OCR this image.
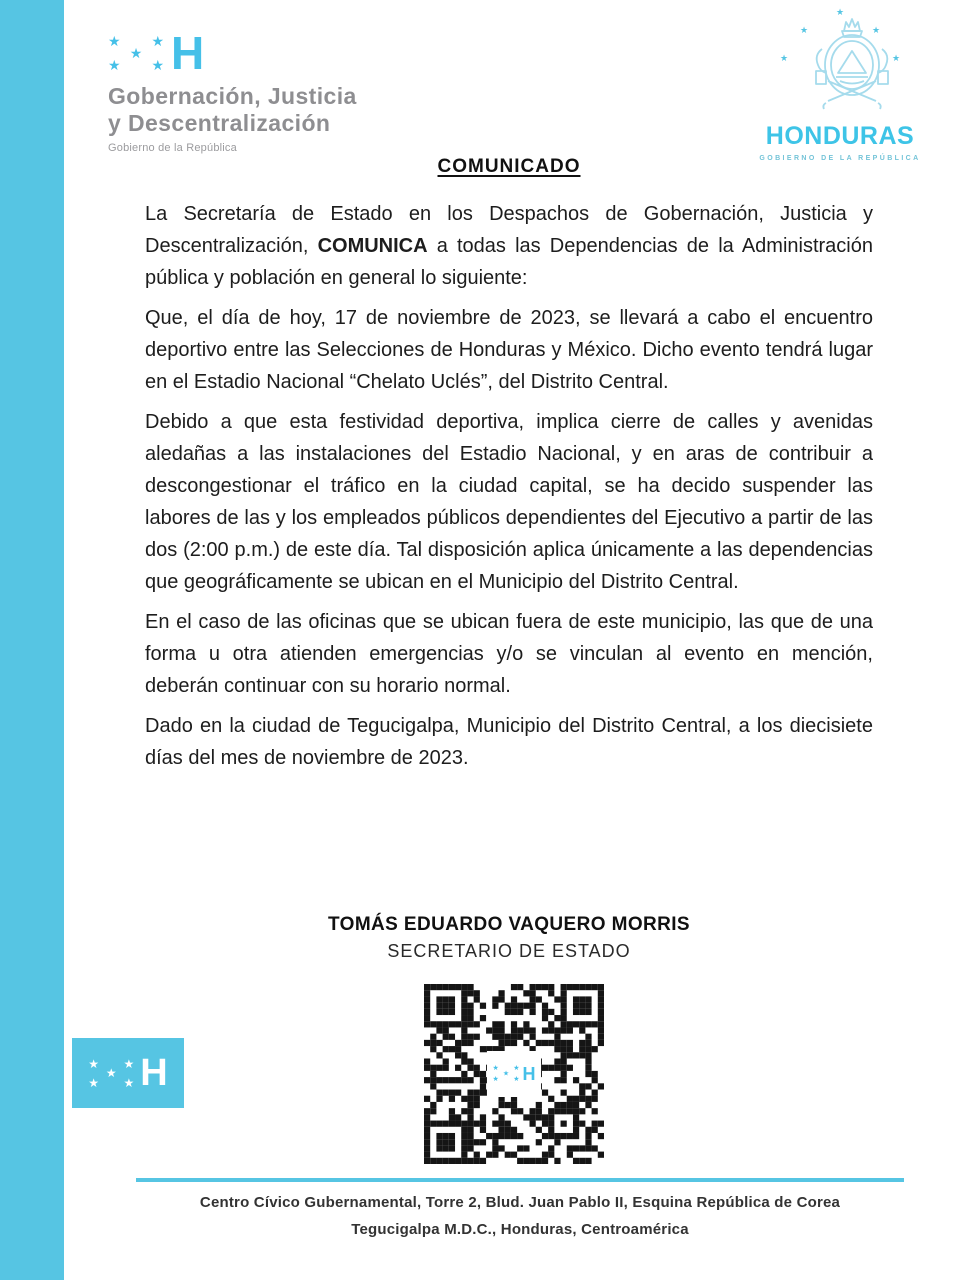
★ ★
★
★ ★ H
Gobernación, Justicia
y Descentralización
Gobierno de la República
★
★	★
★	★
HONDURAS
GOBIERNO DE LA REPÚBLICA
COMUNICADO

La Secretaría de Estado en los Despachos de Gobernación, Justicia y Descentralización, COMUNICA a todas las Dependencias de la Administración pública y población en general lo siguiente:

Que, el día de hoy, 17 de noviembre de 2023, se llevará a cabo el encuentro deportivo entre las Selecciones de Honduras y México. Dicho evento tendrá lugar en el Estadio Nacional “Chelato Uclés”, del Distrito Central.

Debido a que esta festividad deportiva, implica cierre de calles y avenidas aledañas a las instalaciones del Estadio Nacional, y en aras de contribuir a descongestionar el tráfico en la ciudad capital, se ha decido suspender las labores de las y los empleados públicos dependientes del Ejecutivo a partir de las dos (2:00 p.m.) de este día. Tal disposición aplica únicamente a las dependencias que geográficamente se ubican en el Municipio del Distrito Central.

En el caso de las oficinas que se ubican fuera de este municipio, las que de una forma u otra atienden emergencias y/o se vinculan al evento en mención, deberán continuar con su horario normal.

Dado en la ciudad de Tegucigalpa, Municipio del Distrito Central, a los diecisiete días del mes de noviembre de 2023.

TOMÁS EDUARDO VAQUERO MORRIS
SECRETARIO DE ESTADO
★ ★
★
★ ★ H
★ ★
★
★ ★ H
Centro Cívico Gubernamental, Torre 2, Blud. Juan Pablo II, Esquina República de Corea
Tegucigalpa M.D.C., Honduras, Centroamérica
